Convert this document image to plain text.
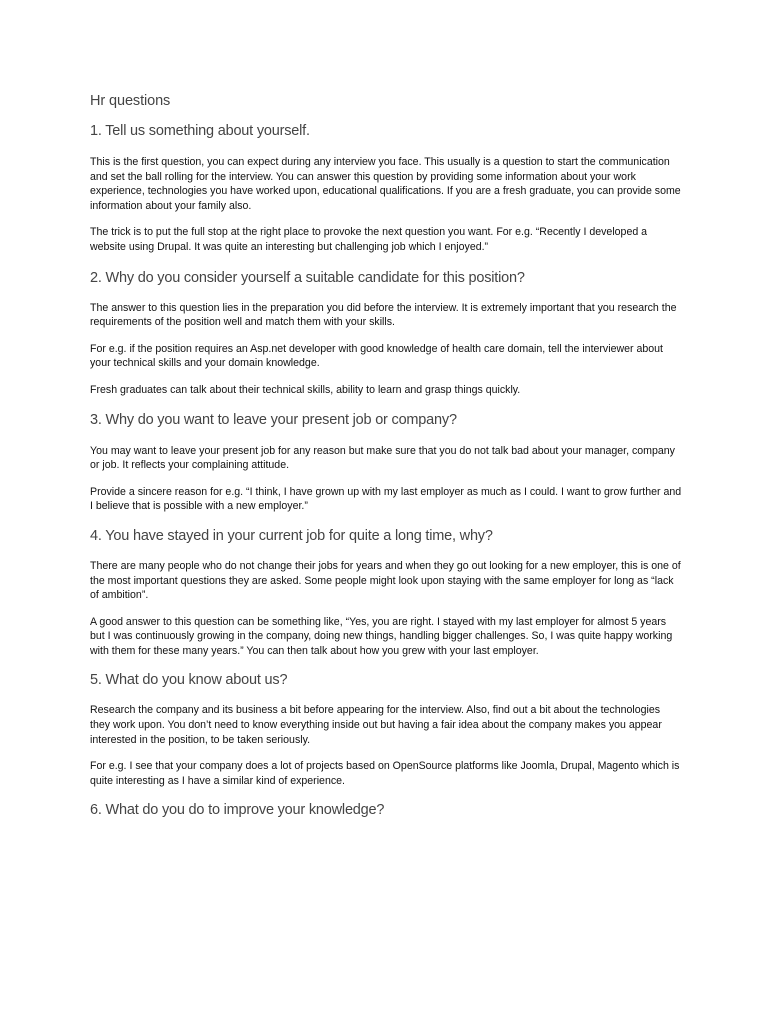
Hr questions
1. Tell us something about yourself.

This is the first question, you can expect during any interview you face. This usually is a question to start the communication and set the ball rolling for the interview. You can answer this question by providing some information about your work experience, technologies you have worked upon, educational qualifications. If you are a fresh graduate, you can provide some information about your family also.

The trick is to put the full stop at the right place to provoke the next question you want. For e.g. “Recently I developed a website using Drupal. It was quite an interesting but challenging job which I enjoyed.”

2. Why do you consider yourself a suitable candidate for this position?

The answer to this question lies in the preparation you did before the interview. It is extremely important that you research the requirements of the position well and match them with your skills.

For e.g. if the position requires an Asp.net developer with good knowledge of health care domain, tell the interviewer about your technical skills and your domain knowledge.

Fresh graduates can talk about their technical skills, ability to learn and grasp things quickly.

3. Why do you want to leave your present job or company?

You may want to leave your present job for any reason but make sure that you do not talk bad about your manager, company or job. It reflects your complaining attitude.

Provide a sincere reason for e.g. “I think, I have grown up with my last employer as much as I could. I want to grow further and I believe that is possible with a new employer.”

4. You have stayed in your current job for quite a long time, why?

There are many people who do not change their jobs for years and when they go out looking for a new employer, this is one of the most important questions they are asked. Some people might look upon staying with the same employer for long as “lack of ambition”.

A good answer to this question can be something like, “Yes, you are right. I stayed with my last employer for almost 5 years but I was continuously growing in the company, doing new things, handling bigger challenges. So, I was quite happy working with them for these many years.” You can then talk about how you grew with your last employer.

5. What do you know about us?

Research the company and its business a bit before appearing for the interview. Also, find out a bit about the technologies they work upon. You don’t need to know everything inside out but having a fair idea about the company makes you appear interested in the position, to be taken seriously.

For e.g. I see that your company does a lot of projects based on OpenSource platforms like Joomla, Drupal, Magento which is quite interesting as I have a similar kind of experience.

6. What do you do to improve your knowledge?
